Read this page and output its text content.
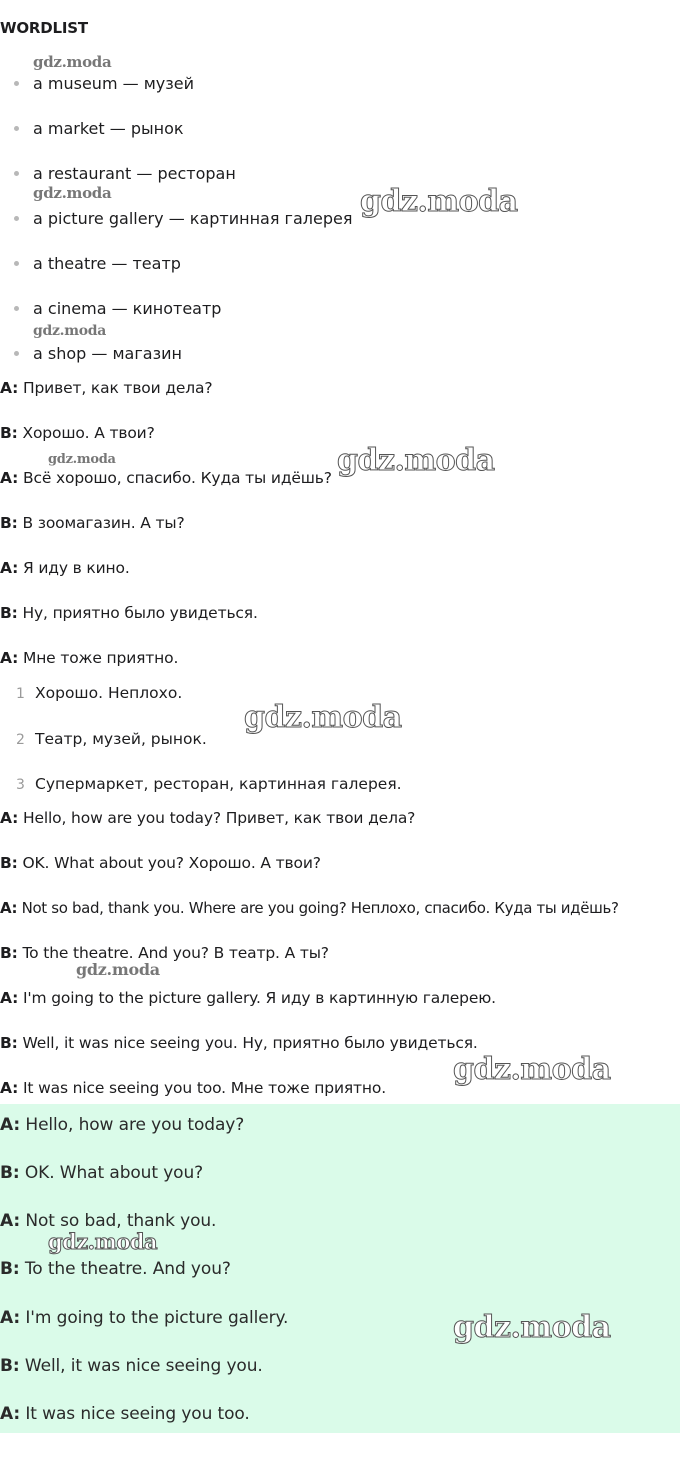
WORDLIST
a museum — музей
a market — рынок
a restaurant — ресторан
a picture gallery — картинная галерея
a theatre — театр
a cinema — кинотеатр
a shop — магазин
A: Привет, как твои дела?
B: Хорошо. А твои?
A: Всё хорошо, спасибо. Куда ты идёшь?
B: В зоомагазин. А ты?
A: Я иду в кино.
B: Ну, приятно было увидеться.
A: Мне тоже приятно.
1 Хорошо. Неплохо.
2 Театр, музей, рынок.
3 Супермаркет, ресторан, картинная галерея.
A: Hello, how are you today? Привет, как твои дела?
B: OK. What about you? Хорошо. А твои?
A: Not so bad, thank you. Where are you going? Неплохо, спасибо. Куда ты идёшь?
B: To the theatre. And you? В театр. А ты?
A: I'm going to the picture gallery. Я иду в картинную галерею.
B: Well, it was nice seeing you. Ну, приятно было увидеться.
A: It was nice seeing you too. Мне тоже приятно.
A: Hello, how are you today?
B: OK. What about you?
A: Not so bad, thank you.
B: To the theatre. And you?
A: I'm going to the picture gallery.
B: Well, it was nice seeing you.
A: It was nice seeing you too.
gdz.moda
gdz.moda	gdz.moda
gdz.moda
gdz.moda	gdz.moda
gdz.moda
gdz.moda
gdz.moda
gdz.moda
gdz.moda
